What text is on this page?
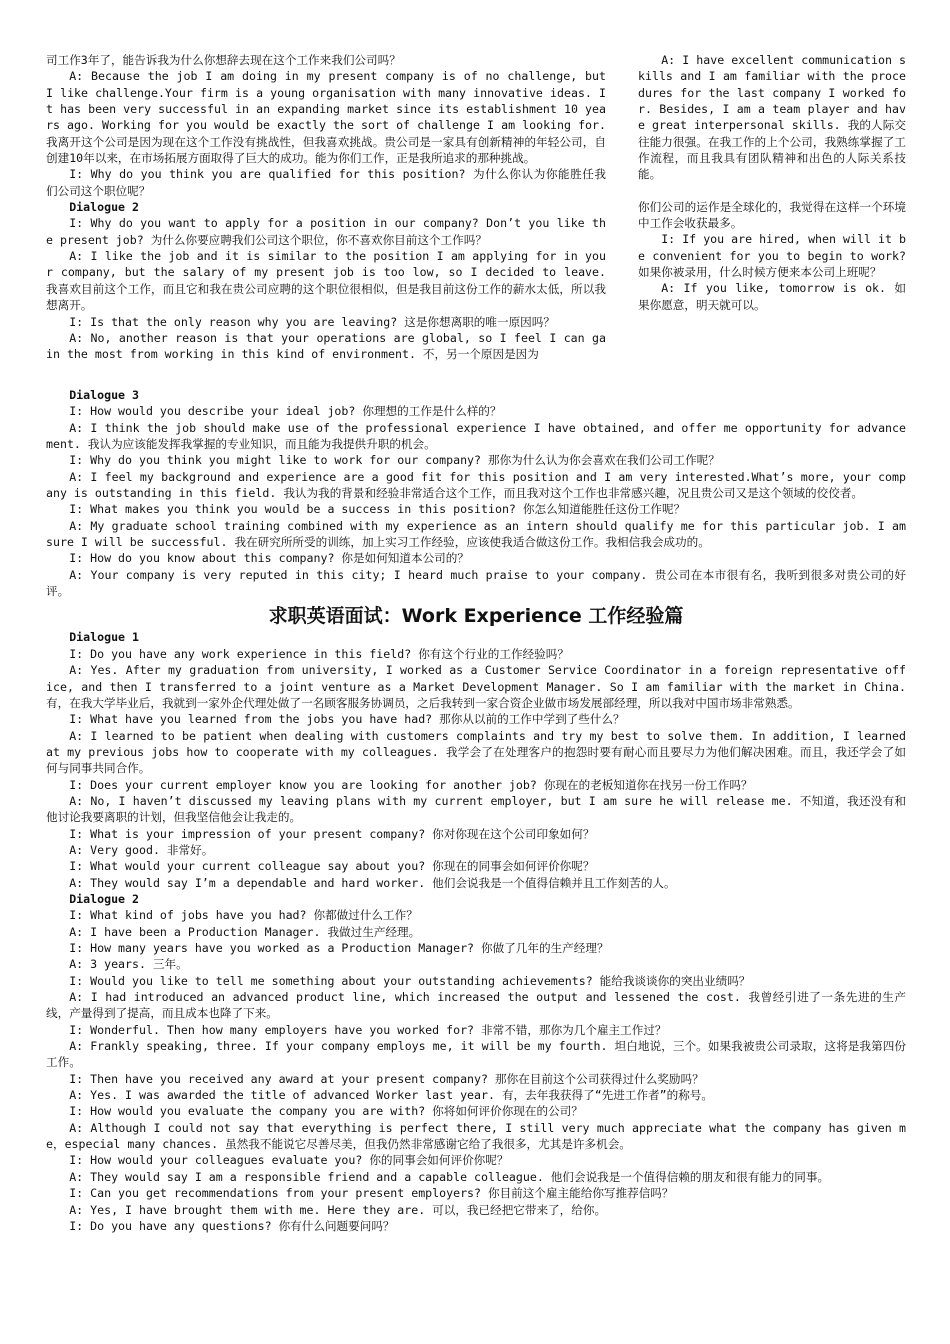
司工作3年了，能告诉我为什么你想辞去现在这个工作来我们公司吗？

A: Because the job I am doing in my present company is of no challenge, but I like challenge.Your firm is a young organisation with many innovative ideas. It has been very successful in an expanding market since its establishment 10 years ago. Working for you would be exactly the sort of challenge I am looking for. 我离开这个公司是因为现在这个工作没有挑战性，但我喜欢挑战。贵公司是一家具有创新精神的年轻公司，自创建10年以来，在市场拓展方面取得了巨大的成功。能为你们工作，正是我所追求的那种挑战。

I: Why do you think you are qualified for this position? 为什么你认为你能胜任我们公司这个职位呢？

Dialogue 2

I: Why do you want to apply for a position in our company? Don’t you like the present job? 为什么你要应聘我们公司这个职位，你不喜欢你目前这个工作吗？

A: I like the job and it is similar to the position I am applying for in your company, but the salary of my present job is too low, so I decided to leave. 我喜欢目前这个工作，而且它和我在贵公司应聘的这个职位很相似，但是我目前这份工作的薪水太低，所以我想离开。

I: Is that the only reason why you are leaving? 这是你想离职的唯一原因吗？

A: No, another reason is that your operations are global, so I feel I can gain the most from working in this kind of environment. 不，另一个原因是因为

A: I have excellent communication skills and I am familiar with the procedures for the last company I worked for. Besides, I am a team player and have great interpersonal skills. 我的人际交往能力很强。在我工作的上个公司，我熟练掌握了工作流程，而且我具有团队精神和出色的人际关系技能。

你们公司的运作是全球化的，我觉得在这样一个环境中工作会收获最多。

I: If you are hired, when will it be convenient for you to begin to work? 如果你被录用，什么时候方便来本公司上班呢？

A: If you like, tomorrow is ok. 如果你愿意，明天就可以。

Dialogue 3

I: How would you describe your ideal job? 你理想的工作是什么样的？

A: I think the job should make use of the professional experience I have obtained, and offer me opportunity for advancement. 我认为应该能发挥我掌握的专业知识，而且能为我提供升职的机会。

I: Why do you think you might like to work for our company? 那你为什么认为你会喜欢在我们公司工作呢？

A: I feel my background and experience are a good fit for this position and I am very interested.What’s more, your company is outstanding in this field. 我认为我的背景和经验非常适合这个工作，而且我对这个工作也非常感兴趣，况且贵公司又是这个领域的佼佼者。

I: What makes you think you would be a success in this position? 你怎么知道能胜任这份工作呢？

A: My graduate school training combined with my experience as an intern should qualify me for this particular job. I am sure I will be successful. 我在研究所所受的训练，加上实习工作经验，应该使我适合做这份工作。我相信我会成功的。

I: How do you know about this company? 你是如何知道本公司的？

A: Your company is very reputed in this city; I heard much praise to your company. 贵公司在本市很有名，我听到很多对贵公司的好评。

求职英语面试：Work Experience 工作经验篇
Dialogue 1

I: Do you have any work experience in this field? 你有这个行业的工作经验吗？

A: Yes. After my graduation from university, I worked as a Customer Service Coordinator in a foreign representative office, and then I transferred to a joint venture as a Market Development Manager. So I am familiar with the market in China. 有，在我大学毕业后，我就到一家外企代理处做了一名顾客服务协调员，之后我转到一家合资企业做市场发展部经理，所以我对中国市场非常熟悉。

I: What have you learned from the jobs you have had? 那你从以前的工作中学到了些什么？

A: I learned to be patient when dealing with customers complaints and try my best to solve them. In addition, I learned at my previous jobs how to cooperate with my colleagues. 我学会了在处理客户的抱怨时要有耐心而且要尽力为他们解决困难。而且，我还学会了如何与同事共同合作。

I: Does your current employer know you are looking for another job? 你现在的老板知道你在找另一份工作吗？

A: No, I haven’t discussed my leaving plans with my current employer, but I am sure he will release me. 不知道，我还没有和他讨论我要离职的计划，但我坚信他会让我走的。

I: What is your impression of your present company? 你对你现在这个公司印象如何？

A: Very good. 非常好。

I: What would your current colleague say about you? 你现在的同事会如何评价你呢？

A: They would say I’m a dependable and hard worker. 他们会说我是一个值得信赖并且工作刻苦的人。

Dialogue 2

I: What kind of jobs have you had? 你都做过什么工作？

A: I have been a Production Manager. 我做过生产经理。

I: How many years have you worked as a Production Manager? 你做了几年的生产经理？

A: 3 years. 三年。

I: Would you like to tell me something about your outstanding achievements? 能给我谈谈你的突出业绩吗？

A: I had introduced an advanced product line, which increased the output and lessened the cost. 我曾经引进了一条先进的生产线，产量得到了提高，而且成本也降了下来。

I: Wonderful. Then how many employers have you worked for? 非常不错，那你为几个雇主工作过？

A: Frankly speaking, three. If your company employs me, it will be my fourth. 坦白地说，三个。如果我被贵公司录取，这将是我第四份工作。

I: Then have you received any award at your present company? 那你在目前这个公司获得过什么奖励吗？

A: Yes. I was awarded the title of advanced Worker last year. 有，去年我获得了“先进工作者”的称号。

I: How would you evaluate the company you are with? 你将如何评价你现在的公司？

A: Although I could not say that everything is perfect there, I still very much appreciate what the company has given me，especial many chances. 虽然我不能说它尽善尽美，但我仍然非常感谢它给了我很多，尤其是许多机会。

I: How would your colleagues evaluate you? 你的同事会如何评价你呢？

A: They would say I am a responsible friend and a capable colleague. 他们会说我是一个值得信赖的朋友和很有能力的同事。

I: Can you get recommendations from your present employers? 你目前这个雇主能给你写推荐信吗？

A: Yes, I have brought them with me. Here they are. 可以，我已经把它带来了，给你。

I: Do you have any questions? 你有什么问题要问吗？
